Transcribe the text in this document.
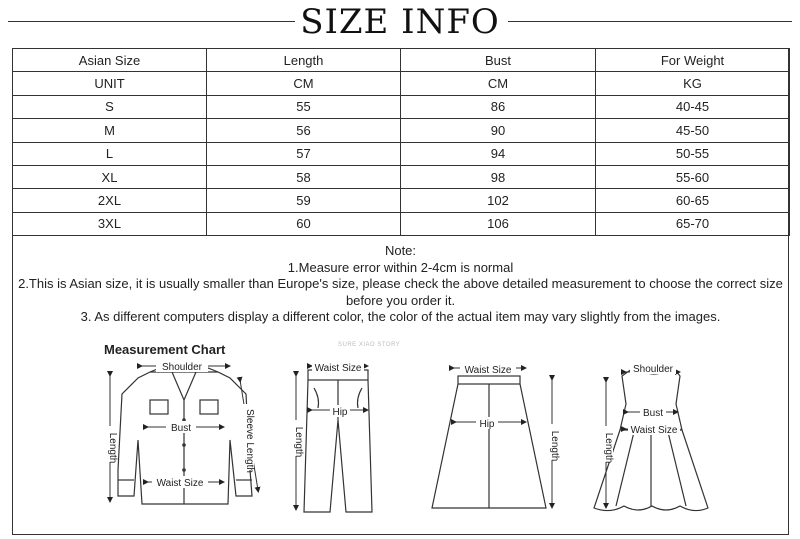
SIZE INFO
Asian Size	Length	Bust	For Weight
UNIT	CM	CM	KG
S	55	86	40-45
M	56	90	45-50
L	57	94	50-55
XL	58	98	55-60
2XL	59	102	60-65
3XL	60	106	65-70
Note:
1.Measure error within 2-4cm is normal
2.This is Asian size, it is usually smaller than Europe's size, please check the above detailed measurement to choose the correct size
before you order it.
3. As different computers display a different color, the color of the actual item may vary slightly from the images.
Measurement Chart	SURE XIAO STORY
Shoulder
Bust
Waist Size
Length	Sleeve Length
Waist Size
Hip
Length
Waist Size
Hip
Length
Shoulder
Bust
Waist Size
Length
